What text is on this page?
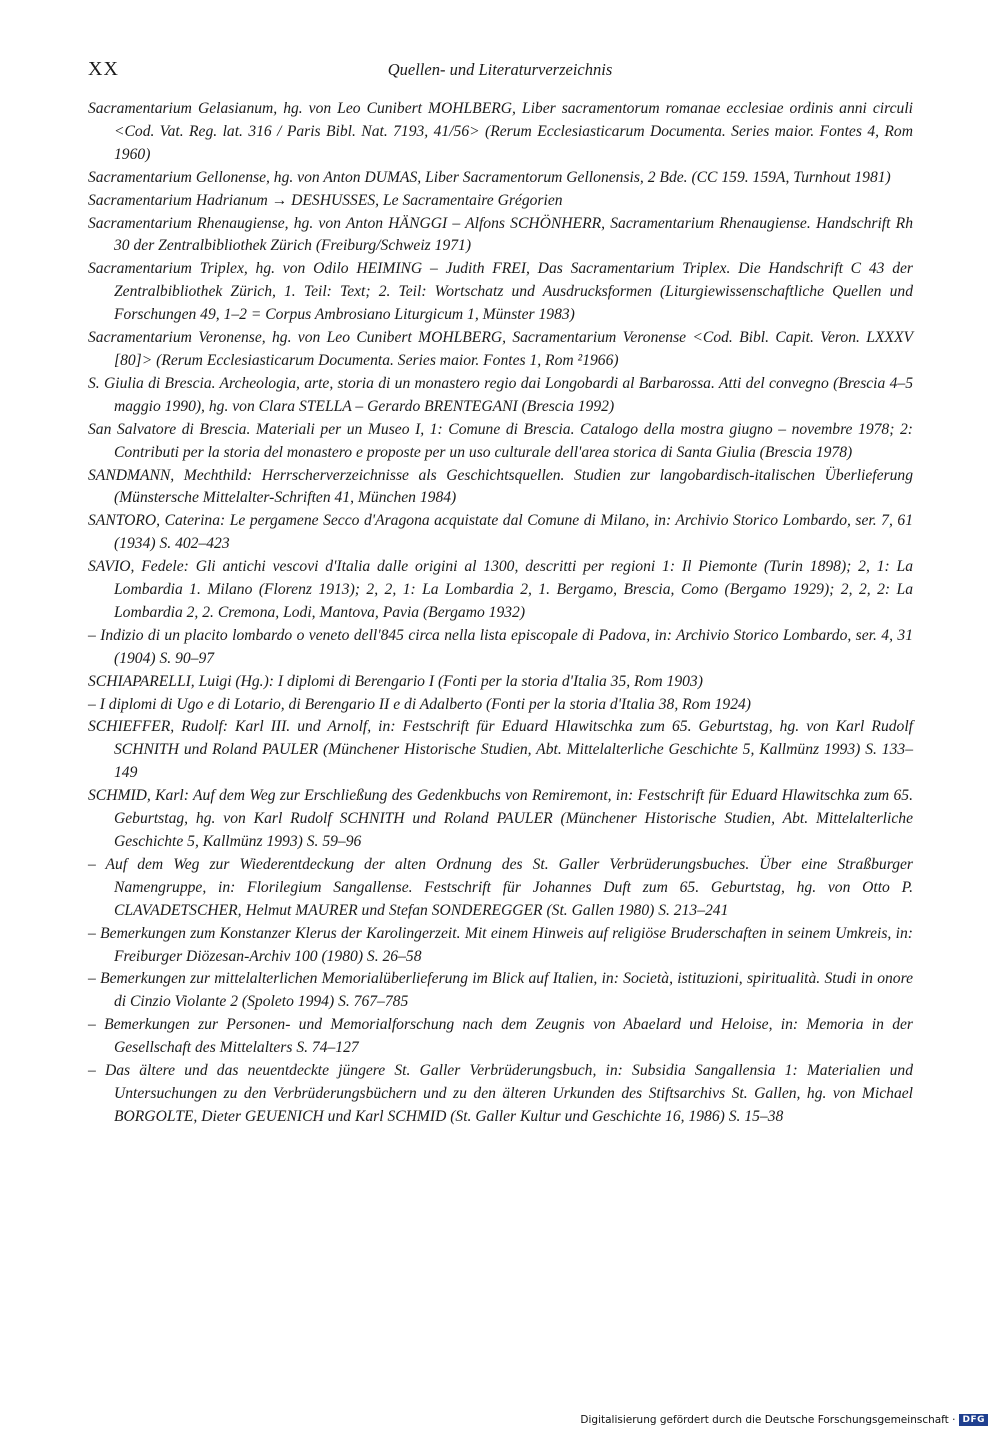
XX	Quellen- und Literaturverzeichnis
Sacramentarium Gelasianum, hg. von Leo Cunibert MOHLBERG, Liber sacramentorum romanae ecclesiae ordinis anni circuli <Cod. Vat. Reg. lat. 316 / Paris Bibl. Nat. 7193, 41/56> (Rerum Ecclesiasticarum Documenta. Series maior. Fontes 4, Rom 1960)
Sacramentarium Gellonense, hg. von Anton DUMAS, Liber Sacramentorum Gellonensis, 2 Bde. (CC 159. 159A, Turnhout 1981)
Sacramentarium Hadrianum → DESHUSSES, Le Sacramentaire Grégorien
Sacramentarium Rhenaugiense, hg. von Anton HÄNGGI – Alfons SCHÖNHERR, Sacramentarium Rhenaugiense. Handschrift Rh 30 der Zentralbibliothek Zürich (Freiburg/Schweiz 1971)
Sacramentarium Triplex, hg. von Odilo HEIMING – Judith FREI, Das Sacramentarium Triplex. Die Handschrift C 43 der Zentralbibliothek Zürich, 1. Teil: Text; 2. Teil: Wortschatz und Ausdrucksformen (Liturgiewissenschaftliche Quellen und Forschungen 49, 1–2 = Corpus Ambrosiano Liturgicum 1, Münster 1983)
Sacramentarium Veronense, hg. von Leo Cunibert MOHLBERG, Sacramentarium Veronense <Cod. Bibl. Capit. Veron. LXXXV [80]> (Rerum Ecclesiasticarum Documenta. Series maior. Fontes 1, Rom ²1966)
S. Giulia di Brescia. Archeologia, arte, storia di un monastero regio dai Longobardi al Barbarossa. Atti del convegno (Brescia 4–5 maggio 1990), hg. von Clara STELLA – Gerardo BRENTEGANI (Brescia 1992)
San Salvatore di Brescia. Materiali per un Museo I, 1: Comune di Brescia. Catalogo della mostra giugno – novembre 1978; 2: Contributi per la storia del monastero e proposte per un uso culturale dell'area storica di Santa Giulia (Brescia 1978)
SANDMANN, Mechthild: Herrscherverzeichnisse als Geschichtsquellen. Studien zur langobardisch-italischen Überlieferung (Münstersche Mittelalter-Schriften 41, München 1984)
SANTORO, Caterina: Le pergamene Secco d'Aragona acquistate dal Comune di Milano, in: Archivio Storico Lombardo, ser. 7, 61 (1934) S. 402–423
SAVIO, Fedele: Gli antichi vescovi d'Italia dalle origini al 1300, descritti per regioni 1: Il Piemonte (Turin 1898); 2, 1: La Lombardia 1. Milano (Florenz 1913); 2, 2, 1: La Lombardia 2, 1. Bergamo, Brescia, Como (Bergamo 1929); 2, 2, 2: La Lombardia 2, 2. Cremona, Lodi, Mantova, Pavia (Bergamo 1932)
– Indizio di un placito lombardo o veneto dell'845 circa nella lista episcopale di Padova, in: Archivio Storico Lombardo, ser. 4, 31 (1904) S. 90–97
SCHIAPARELLI, Luigi (Hg.): I diplomi di Berengario I (Fonti per la storia d'Italia 35, Rom 1903)
– I diplomi di Ugo e di Lotario, di Berengario II e di Adalberto (Fonti per la storia d'Italia 38, Rom 1924)
SCHIEFFER, Rudolf: Karl III. und Arnolf, in: Festschrift für Eduard Hlawitschka zum 65. Geburtstag, hg. von Karl Rudolf SCHNITH und Roland PAULER (Münchener Historische Studien, Abt. Mittelalterliche Geschichte 5, Kallmünz 1993) S. 133–149
SCHMID, Karl: Auf dem Weg zur Erschließung des Gedenkbuchs von Remiremont, in: Festschrift für Eduard Hlawitschka zum 65. Geburtstag, hg. von Karl Rudolf SCHNITH und Roland PAULER (Münchener Historische Studien, Abt. Mittelalterliche Geschichte 5, Kallmünz 1993) S. 59–96
– Auf dem Weg zur Wiederentdeckung der alten Ordnung des St. Galler Verbrüderungsbuches. Über eine Straßburger Namengruppe, in: Florilegium Sangallense. Festschrift für Johannes Duft zum 65. Geburtstag, hg. von Otto P. CLAVADETSCHER, Helmut MAURER und Stefan SONDEREGGER (St. Gallen 1980) S. 213–241
– Bemerkungen zum Konstanzer Klerus der Karolingerzeit. Mit einem Hinweis auf religiöse Bruderschaften in seinem Umkreis, in: Freiburger Diözesan-Archiv 100 (1980) S. 26–58
– Bemerkungen zur mittelalterlichen Memorialüberlieferung im Blick auf Italien, in: Società, istituzioni, spiritualità. Studi in onore di Cinzio Violante 2 (Spoleto 1994) S. 767–785
– Bemerkungen zur Personen- und Memorialforschung nach dem Zeugnis von Abaelard und Heloise, in: Memoria in der Gesellschaft des Mittelalters S. 74–127
– Das ältere und das neuentdeckte jüngere St. Galler Verbrüderungsbuch, in: Subsidia Sangallensia 1: Materialien und Untersuchungen zu den Verbrüderungsbüchern und zu den älteren Urkunden des Stiftsarchivs St. Gallen, hg. von Michael BORGOLTE, Dieter GEUENICH und Karl SCHMID (St. Galler Kultur und Geschichte 16, 1986) S. 15–38
Digitalisierung gefördert durch die Deutsche Forschungsgemeinschaft · DFG
